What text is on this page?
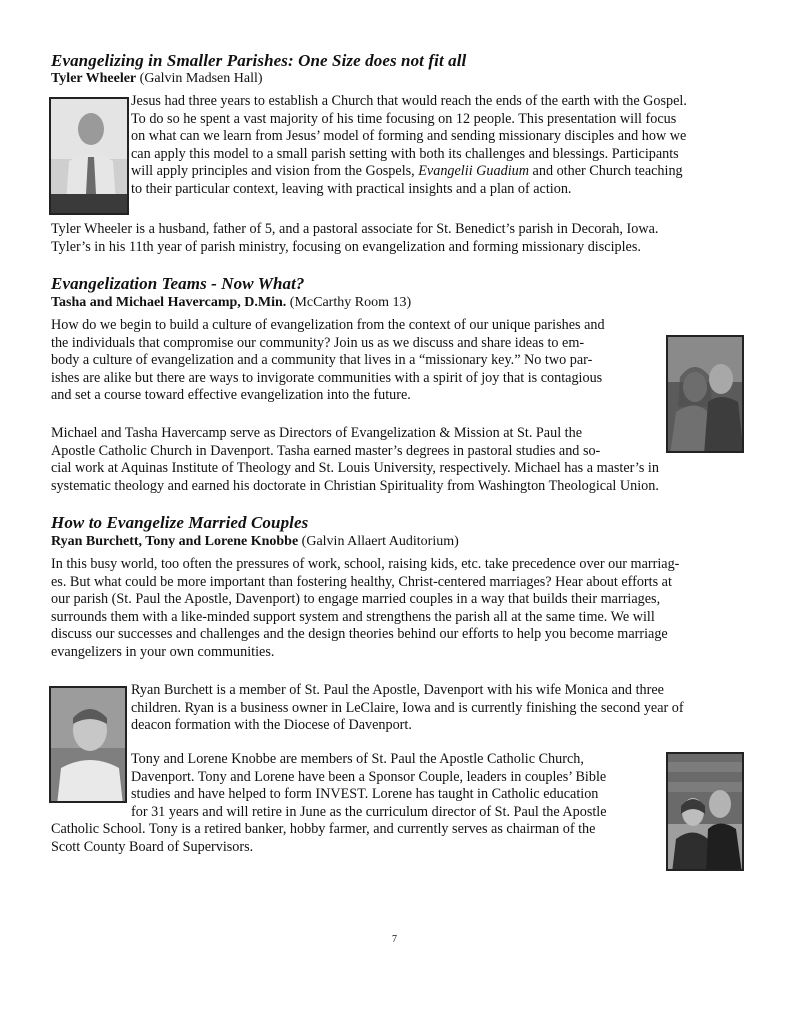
Evangelizing in Smaller Parishes: One Size does not fit all
Tyler Wheeler (Galvin Madsen Hall)
Jesus had three years to establish a Church that would reach the ends of the earth with the Gospel.
To do so he spent a vast majority of his time focusing on 12 people. This presentation will focus
on what can we learn from Jesus’ model of forming and sending missionary disciples and how we
can apply this model to a small parish setting with both its challenges and blessings. Participants
will apply principles and vision from the Gospels, Evangelii Guadium and other Church teaching
to their particular context, leaving with practical insights and a plan of action.
Tyler Wheeler is a husband, father of 5, and a pastoral associate for St. Benedict’s parish in Decorah, Iowa.
Tyler’s in his 11th year of parish ministry, focusing on evangelization and forming missionary disciples.
Evangelization Teams - Now What?
Tasha and Michael Havercamp, D.Min. (McCarthy Room 13)
How do we begin to build a culture of evangelization from the context of our unique parishes and
the individuals that compromise our community? Join us as we discuss and share ideas to em-
body a culture of evangelization and a community that lives in a “missionary key.” No two par-
ishes are alike but there are ways to invigorate communities with a spirit of joy that is contagious
and set a course toward effective evangelization into the future.
Michael and Tasha Havercamp serve as Directors of Evangelization & Mission at St. Paul the
Apostle Catholic Church in Davenport. Tasha earned master’s degrees in pastoral studies and so-
cial work at Aquinas Institute of Theology and St. Louis University, respectively. Michael has a master’s in
systematic theology and earned his doctorate in Christian Spirituality from Washington Theological Union.
How to Evangelize Married Couples
Ryan Burchett, Tony and Lorene Knobbe (Galvin Allaert Auditorium)
In this busy world, too often the pressures of work, school, raising kids, etc. take precedence over our marriag-
es. But what could be more important than fostering healthy, Christ-centered marriages? Hear about efforts at
our parish (St. Paul the Apostle, Davenport) to engage married couples in a way that builds their marriages,
surrounds them with a like-minded support system and strengthens the parish all at the same time. We will
discuss our successes and challenges and the design theories behind our efforts to help you become marriage
evangelizers in your own communities.
Ryan Burchett is a member of St. Paul the Apostle, Davenport with his wife Monica and three
children. Ryan is a business owner in LeClaire, Iowa and is currently finishing the second year of
deacon formation with the Diocese of Davenport.
Tony and Lorene Knobbe are members of St. Paul the Apostle Catholic Church,
Davenport. Tony and Lorene have been a Sponsor Couple, leaders in couples’ Bible
studies and have helped to form INVEST. Lorene has taught in Catholic education
for 31 years and will retire in June as the curriculum director of St. Paul the Apostle
Catholic School. Tony is a retired banker, hobby farmer, and currently serves as chairman of the
Scott County Board of Supervisors.
7
